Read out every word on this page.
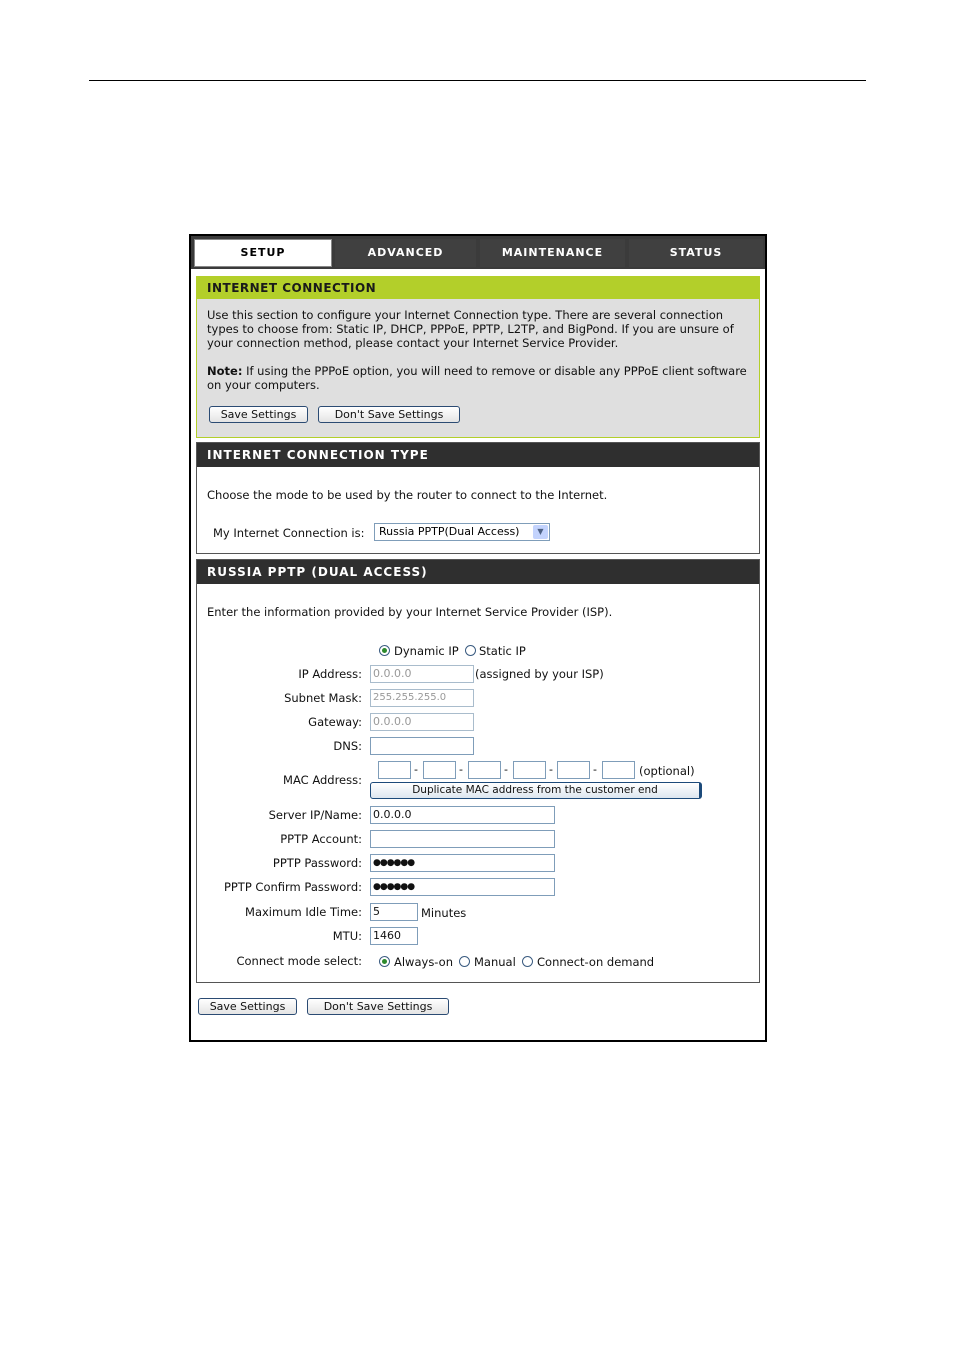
SETUP	ADVANCED	MAINTENANCE	STATUS
INTERNET CONNECTION
Use this section to configure your Internet Connection type. There are several connection
types to choose from: Static IP, DHCP, PPPoE, PPTP, L2TP, and BigPond. If you are unsure of
your connection method, please contact your Internet Service Provider.
Note: If using the PPPoE option, you will need to remove or disable any PPPoE client software
on your computers.
Save Settings	Don't Save Settings
INTERNET CONNECTION TYPE
Choose the mode to be used by the router to connect to the Internet.
My Internet Connection is:	Russia PPTP(Dual Access)	▼
RUSSIA PPTP (DUAL ACCESS)
Enter the information provided by your Internet Service Provider (ISP).
Dynamic IP Static IP
IP Address: 0.0.0.0	(assigned by your ISP)
Subnet Mask:	255.255.255.0
Gateway: 0.0.0.0
DNS:
MAC Address:
-	-	-	-	-	(optional)
Duplicate MAC address from the customer end
Server IP/Name: 0.0.0.0
PPTP Account:
PPTP Password:	●●●●●●
PPTP Confirm Password:	●●●●●●
Maximum Idle Time: 5	Minutes
MTU: 1460
Connect mode select:	Always-on Manual Connect-on demand
Save Settings	Don't Save Settings
